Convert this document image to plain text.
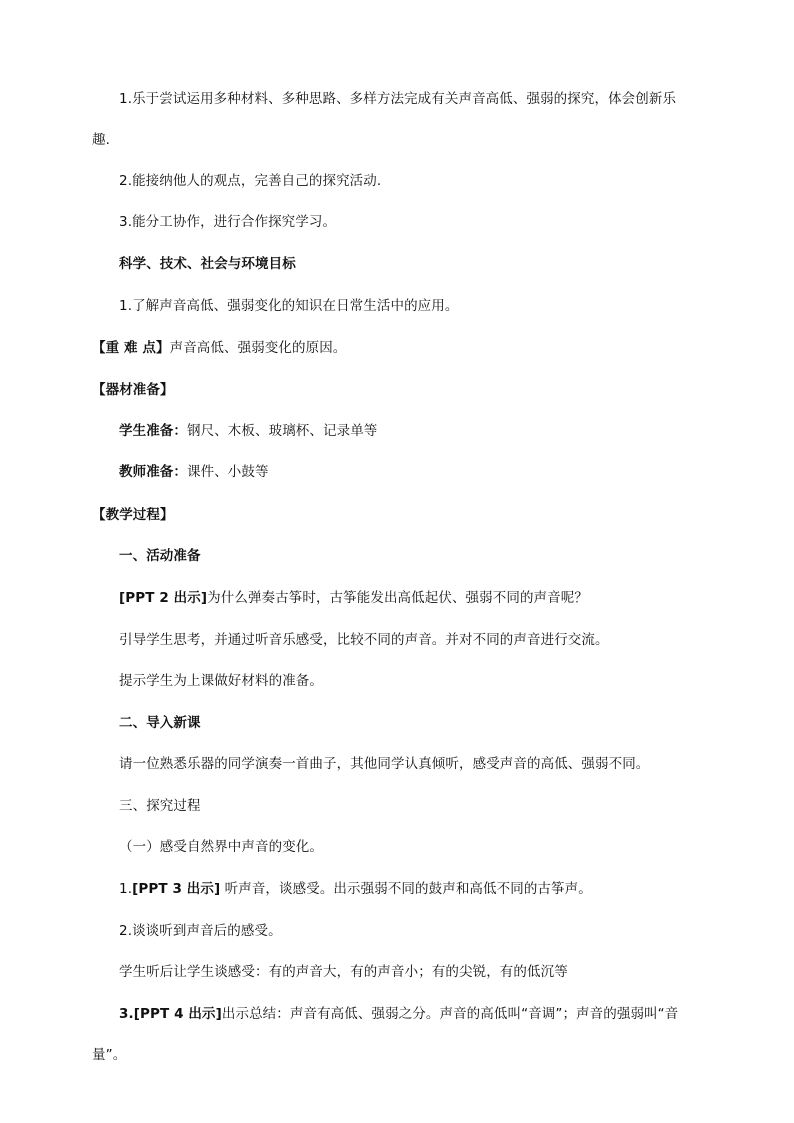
1.乐于尝试运用多种材料、多种思路、多样方法完成有关声音高低、强弱的探究，体会创新乐
趣.
2.能接纳他人的观点，完善自己的探究活动.
3.能分工协作，进行合作探究学习。
科学、技术、社会与环境目标
1.了解声音高低、强弱变化的知识在日常生活中的应用。
【重 难 点】声音高低、强弱变化的原因。
【器材准备】
学生准备：钢尺、木板、玻璃杯、记录单等
教师准备：课件、小鼓等
【教学过程】
一、活动准备
[PPT 2 出示]为什么弹奏古筝时，古筝能发出高低起伏、强弱不同的声音呢？
引导学生思考，并通过听音乐感受，比较不同的声音。并对不同的声音进行交流。
提示学生为上课做好材料的准备。
二、导入新课
请一位熟悉乐器的同学演奏一首曲子，其他同学认真倾听，感受声音的高低、强弱不同。
三、探究过程
（一）感受自然界中声音的变化。
1.[PPT 3 出示] 听声音，谈感受。出示强弱不同的鼓声和高低不同的古筝声。
2.谈谈听到声音后的感受。
学生听后让学生谈感受：有的声音大，有的声音小；有的尖锐，有的低沉等
3.[PPT 4 出示]出示总结：声音有高低、强弱之分。声音的高低叫“音调”；声音的强弱叫“音
量”。
